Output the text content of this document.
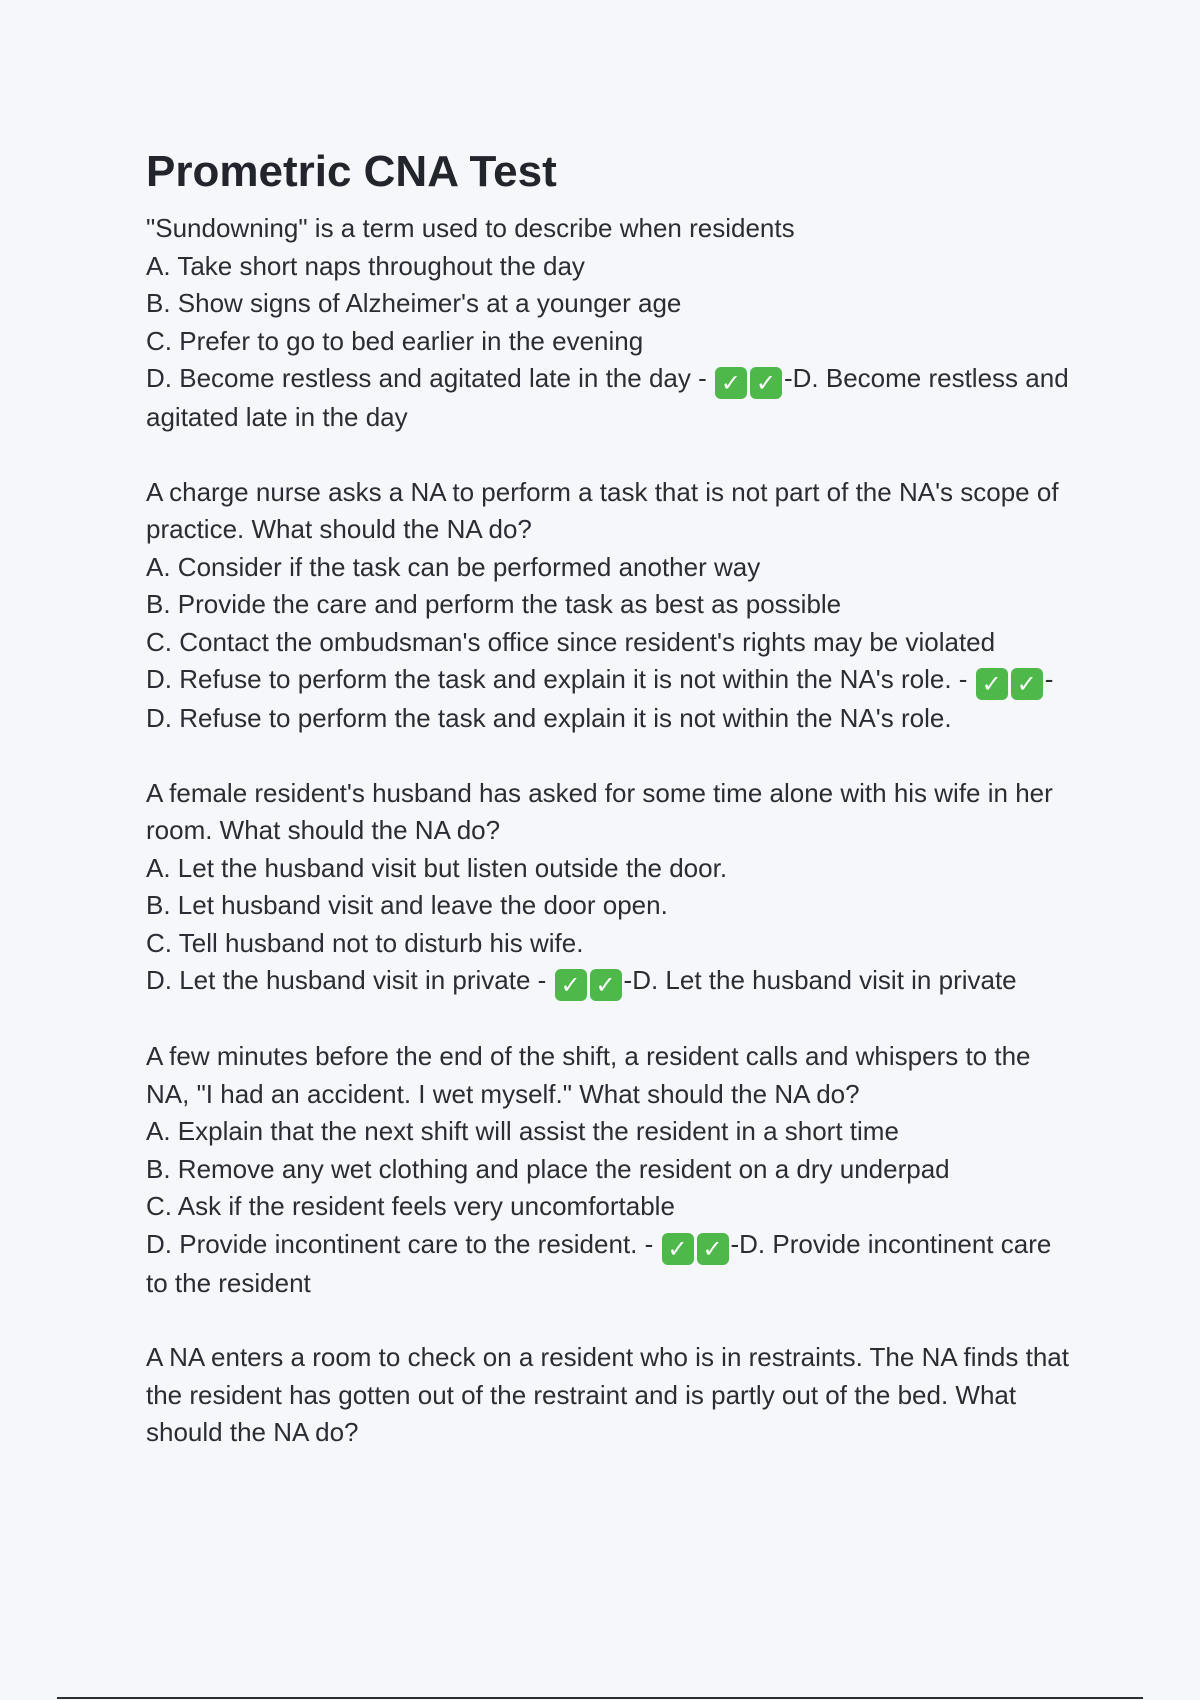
Prometric CNA Test
"Sundowning" is a term used to describe when residents
A. Take short naps throughout the day
B. Show signs of Alzheimer's at a younger age
C. Prefer to go to bed earlier in the evening
D. Become restless and agitated late in the day - ✓ ✓ -D. Become restless and agitated late in the day
A charge nurse asks a NA to perform a task that is not part of the NA's scope of practice. What should the NA do?
A. Consider if the task can be performed another way
B. Provide the care and perform the task as best as possible
C. Contact the ombudsman's office since resident's rights may be violated
D. Refuse to perform the task and explain it is not within the NA's role. - ✓ ✓ -D. Refuse to perform the task and explain it is not within the NA's role.
A female resident's husband has asked for some time alone with his wife in her room. What should the NA do?
A. Let the husband visit but listen outside the door.
B. Let husband visit and leave the door open.
C. Tell husband not to disturb his wife.
D. Let the husband visit in private - ✓ ✓ -D. Let the husband visit in private
A few minutes before the end of the shift, a resident calls and whispers to the NA, "I had an accident. I wet myself." What should the NA do?
A. Explain that the next shift will assist the resident in a short time
B. Remove any wet clothing and place the resident on a dry underpad
C. Ask if the resident feels very uncomfortable
D. Provide incontinent care to the resident. - ✓ ✓ -D. Provide incontinent care to the resident
A NA enters a room to check on a resident who is in restraints. The NA finds that the resident has gotten out of the restraint and is partly out of the bed. What should the NA do?
